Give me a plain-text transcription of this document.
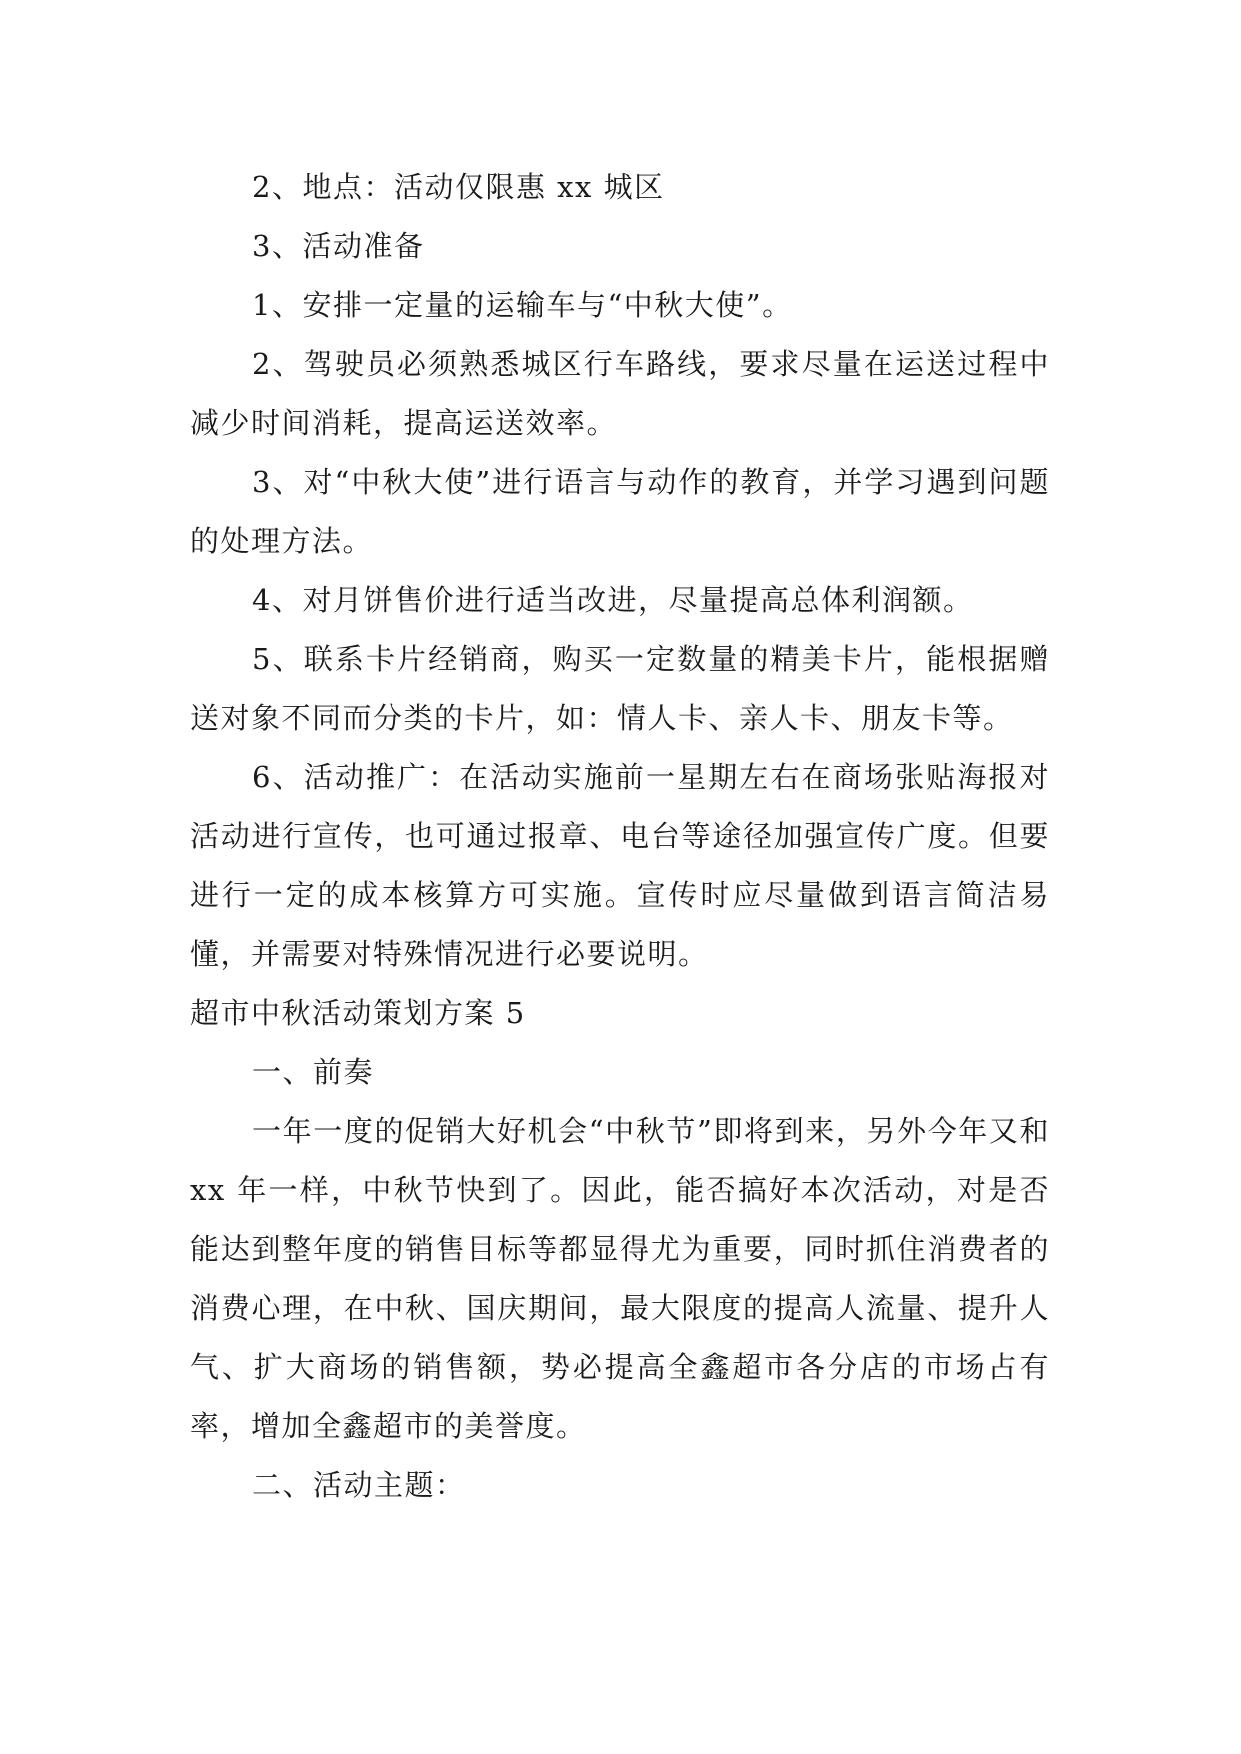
2、地点：活动仅限惠 xx 城区

3、活动准备

1、安排一定量的运输车与“中秋大使”。

2、驾驶员必须熟悉城区行车路线，要求尽量在运送过程中减少时间消耗，提高运送效率。

3、对“中秋大使”进行语言与动作的教育，并学习遇到问题的处理方法。

4、对月饼售价进行适当改进，尽量提高总体利润额。

5、联系卡片经销商，购买一定数量的精美卡片，能根据赠送对象不同而分类的卡片，如：情人卡、亲人卡、朋友卡等。

6、活动推广：在活动实施前一星期左右在商场张贴海报对活动进行宣传，也可通过报章、电台等途径加强宣传广度。但要进行一定的成本核算方可实施。宣传时应尽量做到语言简洁易懂，并需要对特殊情况进行必要说明。

超市中秋活动策划方案 5

一、前奏

一年一度的促销大好机会“中秋节”即将到来，另外今年又和 xx 年一样，中秋节快到了。因此，能否搞好本次活动，对是否能达到整年度的销售目标等都显得尤为重要，同时抓住消费者的消费心理，在中秋、国庆期间，最大限度的提高人流量、提升人气、扩大商场的销售额，势必提高全鑫超市各分店的市场占有率，增加全鑫超市的美誉度。

二、活动主题：
